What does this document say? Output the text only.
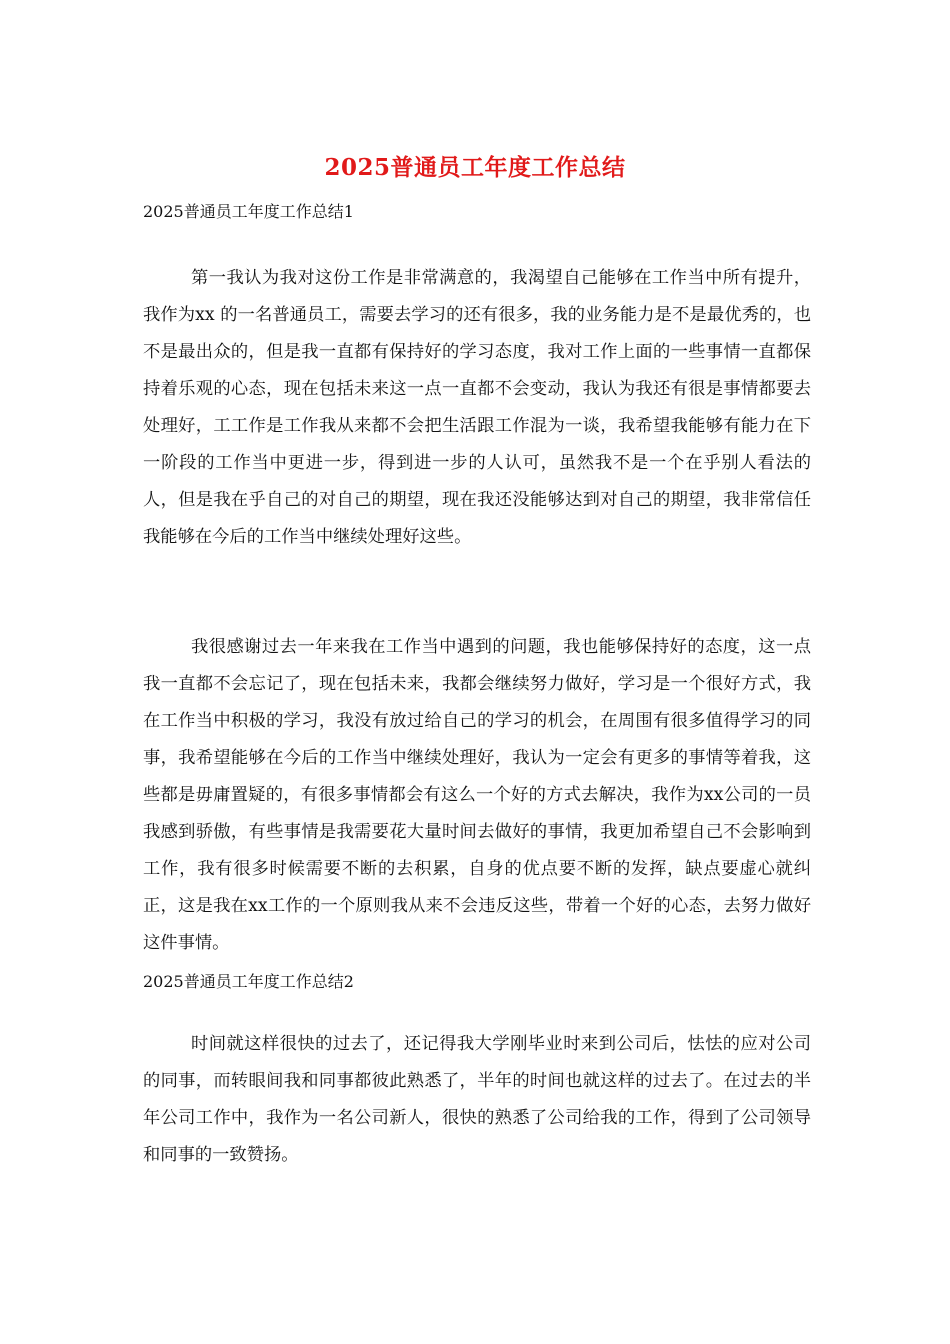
2025普通员工年度工作总结
2025普通员工年度工作总结1

第一我认为我对这份工作是非常满意的，我渴望自己能够在工作当中所有提升，我作为xx 的一名普通员工，需要去学习的还有很多，我的业务能力是不是最优秀的，也不是最出众的，但是我一直都有保持好的学习态度，我对工作上面的一些事情一直都保持着乐观的心态，现在包括未来这一点一直都不会变动，我认为我还有很是事情都要去处理好，工工作是工作我从来都不会把生活跟工作混为一谈，我希望我能够有能力在下一阶段的工作当中更进一步，得到进一步的人认可，虽然我不是一个在乎别人看法的人，但是我在乎自己的对自己的期望，现在我还没能够达到对自己的期望，我非常信任我能够在今后的工作当中继续处理好这些。

我很感谢过去一年来我在工作当中遇到的问题，我也能够保持好的态度，这一点我一直都不会忘记了，现在包括未来，我都会继续努力做好，学习是一个很好方式，我在工作当中积极的学习，我没有放过给自己的学习的机会，在周围有很多值得学习的同事，我希望能够在今后的工作当中继续处理好，我认为一定会有更多的事情等着我，这些都是毋庸置疑的，有很多事情都会有这么一个好的方式去解决，我作为xx公司的一员我感到骄傲，有些事情是我需要花大量时间去做好的事情，我更加希望自己不会影响到工作，我有很多时候需要不断的去积累，自身的优点要不断的发挥，缺点要虚心就纠正，这是我在xx工作的一个原则我从来不会违反这些，带着一个好的心态，去努力做好这件事情。

2025普通员工年度工作总结2

时间就这样很快的过去了，还记得我大学刚毕业时来到公司后，怯怯的应对公司的同事，而转眼间我和同事都彼此熟悉了，半年的时间也就这样的过去了。在过去的半年公司工作中，我作为一名公司新人，很快的熟悉了公司给我的工作，得到了公司领导和同事的一致赞扬。
